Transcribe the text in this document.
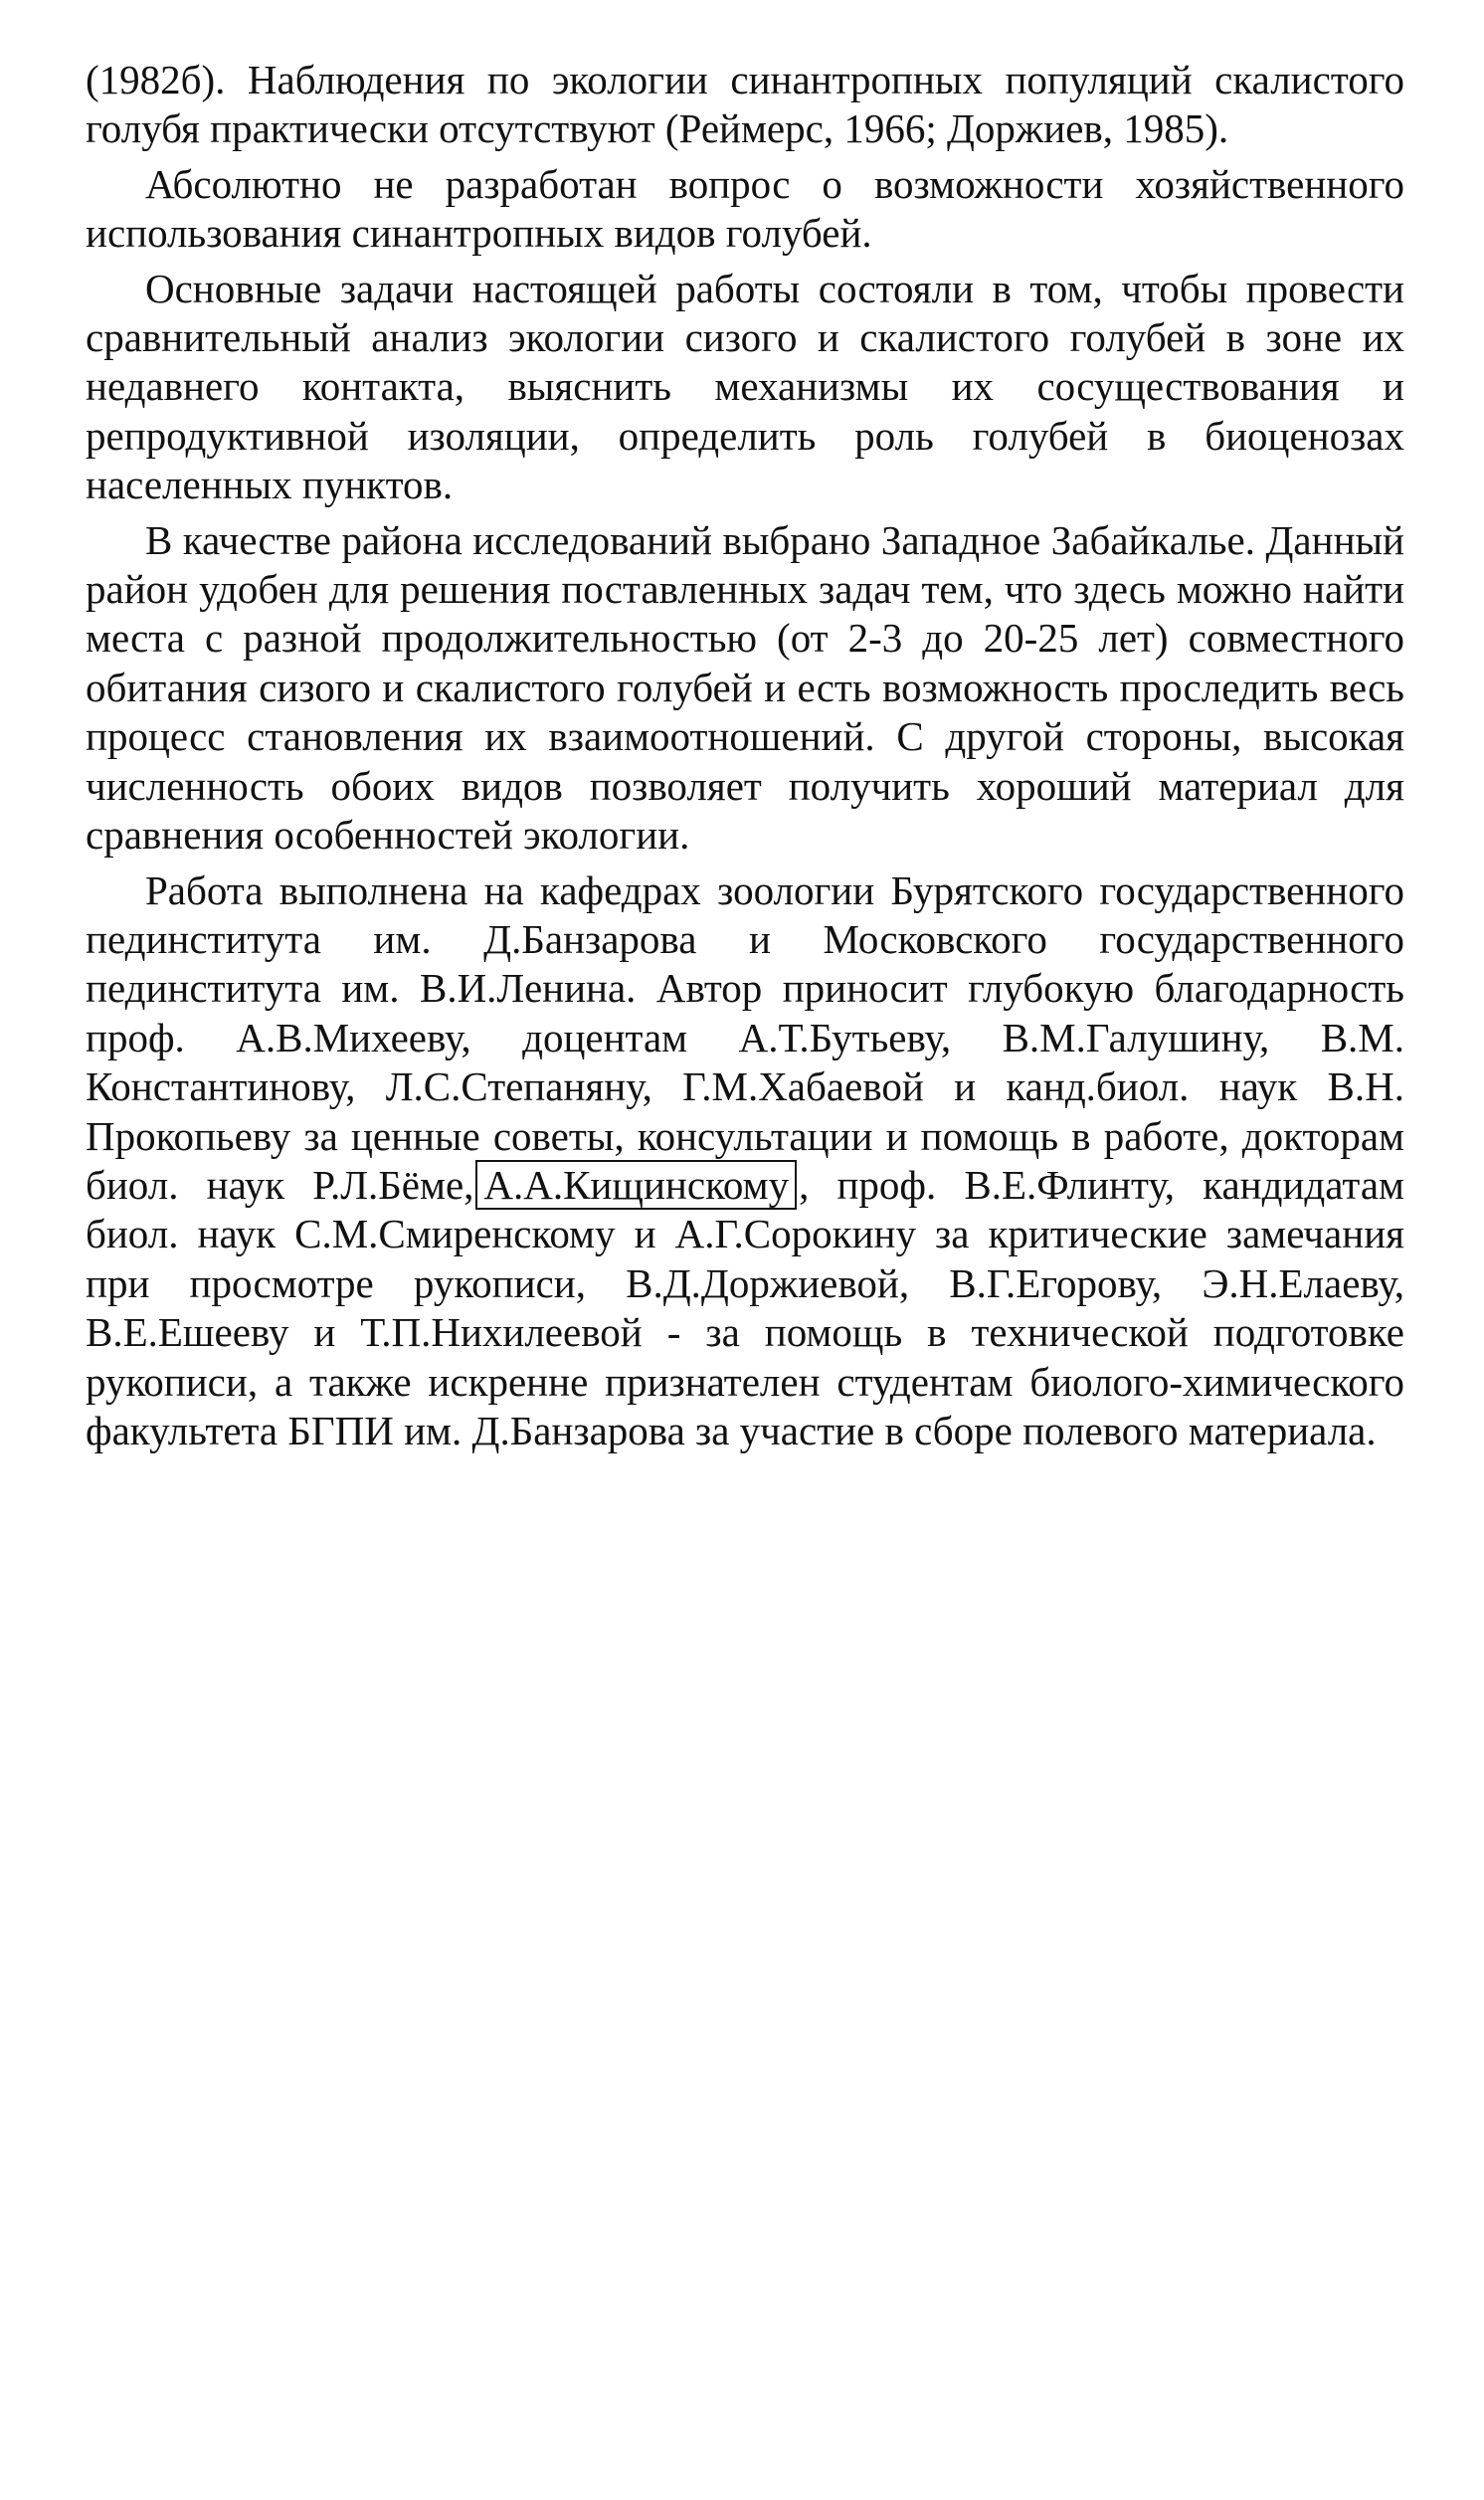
(1982б). Наблюдения по экологии синантропных популяций скалистого голубя практически отсутствуют (Реймерс, 1966; Доржиев, 1985).

Абсолютно не разработан вопрос о возможности хозяйственного использования синантропных видов голубей.

Основные задачи настоящей работы состояли в том, чтобы провести сравнительный анализ экологии сизого и скалистого голубей в зоне их недавнего контакта, выяснить механизмы их сосуществования и репродуктивной изоляции, определить роль голубей в биоценозах населенных пунктов.

В качестве района исследований выбрано Западное Забайкалье. Данный район удобен для решения поставленных задач тем, что здесь можно найти места с разной продолжительностью (от 2-3 до 20-25 лет) совместного обитания сизого и скалистого голубей и есть возможность проследить весь процесс становления их взаимоотношений. С другой стороны, высокая численность обоих видов позволяет получить хороший материал для сравнения особенностей экологии.

Работа выполнена на кафедрах зоологии Бурятского государственного пединститута им. Д.Банзарова и Московского государственного пединститута им. В.И.Ленина. Автор приносит глубокую благодарность проф. А.В.Михееву, доцентам А.Т.Бутьеву, В.М.Галушину, В.М. Константинову, Л.С.Степаняну, Г.М.Хабаевой и канд.биол. наук В.Н. Прокопьеву за ценные советы, консультации и помощь в работе, докторам биол. наук Р.Л.Бёме, А.А.Кищинскому , проф. В.Е.Флинту, кандидатам биол. наук С.М.Смиренскому и А.Г.Сорокину за критические замечания при просмотре рукописи, В.Д.Доржиевой, В.Г.Егорову, Э.Н.Елаеву, В.Е.Ешееву и Т.П.Нихилеевой - за помощь в технической подготовке рукописи, а также искренне признателен студентам биолого-химического факультета БГПИ им. Д.Банзарова за участие в сборе полевого материала.
